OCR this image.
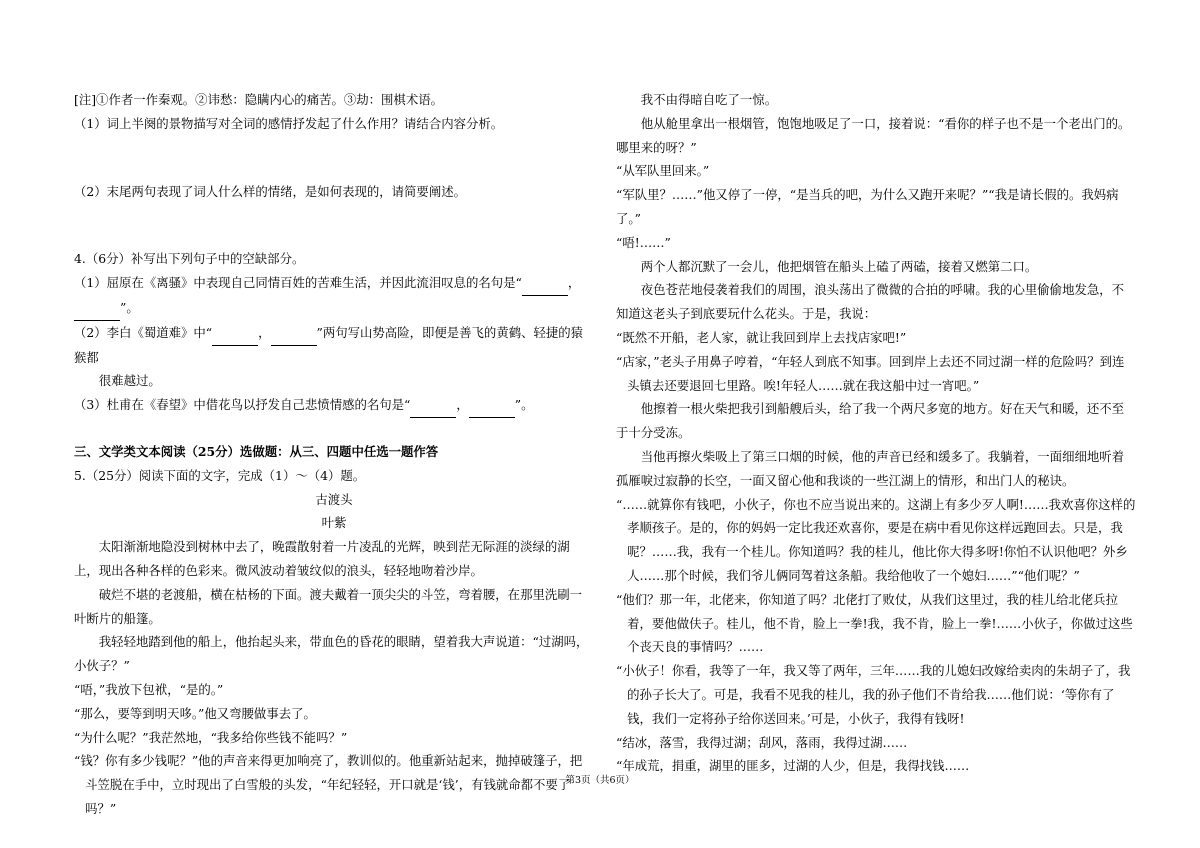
[注]①作者一作秦观。②讳愁：隐瞒内心的痛苦。③劫：围棋术语。

（1）词上半阕的景物描写对全词的感情抒发起了什么作用？请结合内容分析。

（2）末尾两句表现了词人什么样的情绪，是如何表现的，请简要阐述。

4.（6分）补写出下列句子中的空缺部分。

（1）屈原在《离骚》中表现自己同情百姓的苦难生活，并因此流泪叹息的名句是“	， ”。

（2）李白《蜀道难》中“	，	”两句写山势高险，即便是善飞的黄鹤、轻捷的猿猴都

很难越过。

（3）杜甫在《春望》中借花鸟以抒发自己悲愤情感的名句是“	，	”。

三、文学类文本阅读（25分）选做题：从三、四题中任选一题作答

5.（25分）阅读下面的文字，完成（1）～（4）题。

古渡头

叶紫

太阳渐渐地隐没到树林中去了，晚霞散射着一片凌乱的光辉，映到茫无际涯的淡绿的湖上，现出各种各样的色彩来。微风波动着皱纹似的浪头，轻轻地吻着沙岸。

破烂不堪的老渡船，横在枯杨的下面。渡夫戴着一顶尖尖的斗笠，弯着腰，在那里洗刷一叶断片的船篷。

我轻轻地踏到他的船上，他抬起头来，带血色的昏花的眼睛，望着我大声说道：“过湖吗，小伙子？”

“唔，”我放下包袱，“是的。”

“那么，要等到明天哆。”他又弯腰做事去了。

“为什么呢？”我茫然地，“我多给你些钱不能吗？”

“钱？你有多少钱呢？”他的声音来得更加响亮了，教训似的。他重新站起来，抛掉破篷子，把斗笠脱在手中，立时现出了白雪般的头发，“年纪轻轻，开口就是‘钱’，有钱就命都不要了吗？”

我不由得暗自吃了一惊。

他从舱里拿出一根烟管，饱饱地吸足了一口，接着说：“看你的样子也不是一个老出门的。哪里来的呀？”

“从军队里回来。”

“军队里？……”他又停了一停，“是当兵的吧，为什么又跑开来呢？”“我是请长假的。我妈病了。”

“唔!……”

两个人都沉默了一会儿，他把烟管在船头上磕了两磕，接着又燃第二口。

夜色苍茫地侵袭着我们的周围，浪头荡出了微微的合拍的呼啸。我的心里偷偷地发急，不知道这老头子到底要玩什么花头。于是，我说：

“既然不开船，老人家，就让我回到岸上去找店家吧!”

“店家，”老头子用鼻子哼着，“年轻人到底不知事。回到岸上去还不同过湖一样的危险吗？到连头镇去还要退回七里路。唉!年轻人……就在我这船中过一宵吧。”

他擦着一根火柴把我引到船艘后头，给了我一个两尺多宽的地方。好在天气和暖，还不至于十分受冻。

当他再擦火柴吸上了第三口烟的时候，他的声音已经和缓多了。我躺着，一面细细地听着孤雁唳过寂静的长空，一面又留心他和我谈的一些江湖上的情形，和出门人的秘诀。

“……就算你有钱吧，小伙子，你也不应当说出来的。这湖上有多少歹人啊!……我欢喜你这样的孝顺孩子。是的，你的妈妈一定比我还欢喜你，要是在病中看见你这样远跑回去。只是，我呢？……我，我有一个桂儿。你知道吗？我的桂儿，他比你大得多呀!你怕不认识他吧？外乡人……那个时候，我们爷儿俩同驾着这条船。我给他收了一个媳妇……”“他们呢？”

“他们？那一年，北佬来，你知道了吗？北佬打了败仗，从我们这里过，我的桂儿给北佬兵拉着，要他做伕子。桂儿，他不肯，脸上一拳!我，我不肯，脸上一拳!……小伙子，你做过这些个丧天良的事情吗？……

“小伙子！你看，我等了一年，我又等了两年，三年……我的儿媳妇改嫁给卖肉的朱胡子了，我的孙子长大了。可是，我看不见我的桂儿，我的孙子他们不肯给我……他们说：‘等你有了钱，我们一定将孙子给你送回来。’可是，小伙子，我得有钱呀!

“结冰，落雪，我得过湖；刮风，落雨，我得过湖……

“年成荒，捐重，湖里的匪多，过湖的人少，但是，我得找钱……

第3页（共6页）
